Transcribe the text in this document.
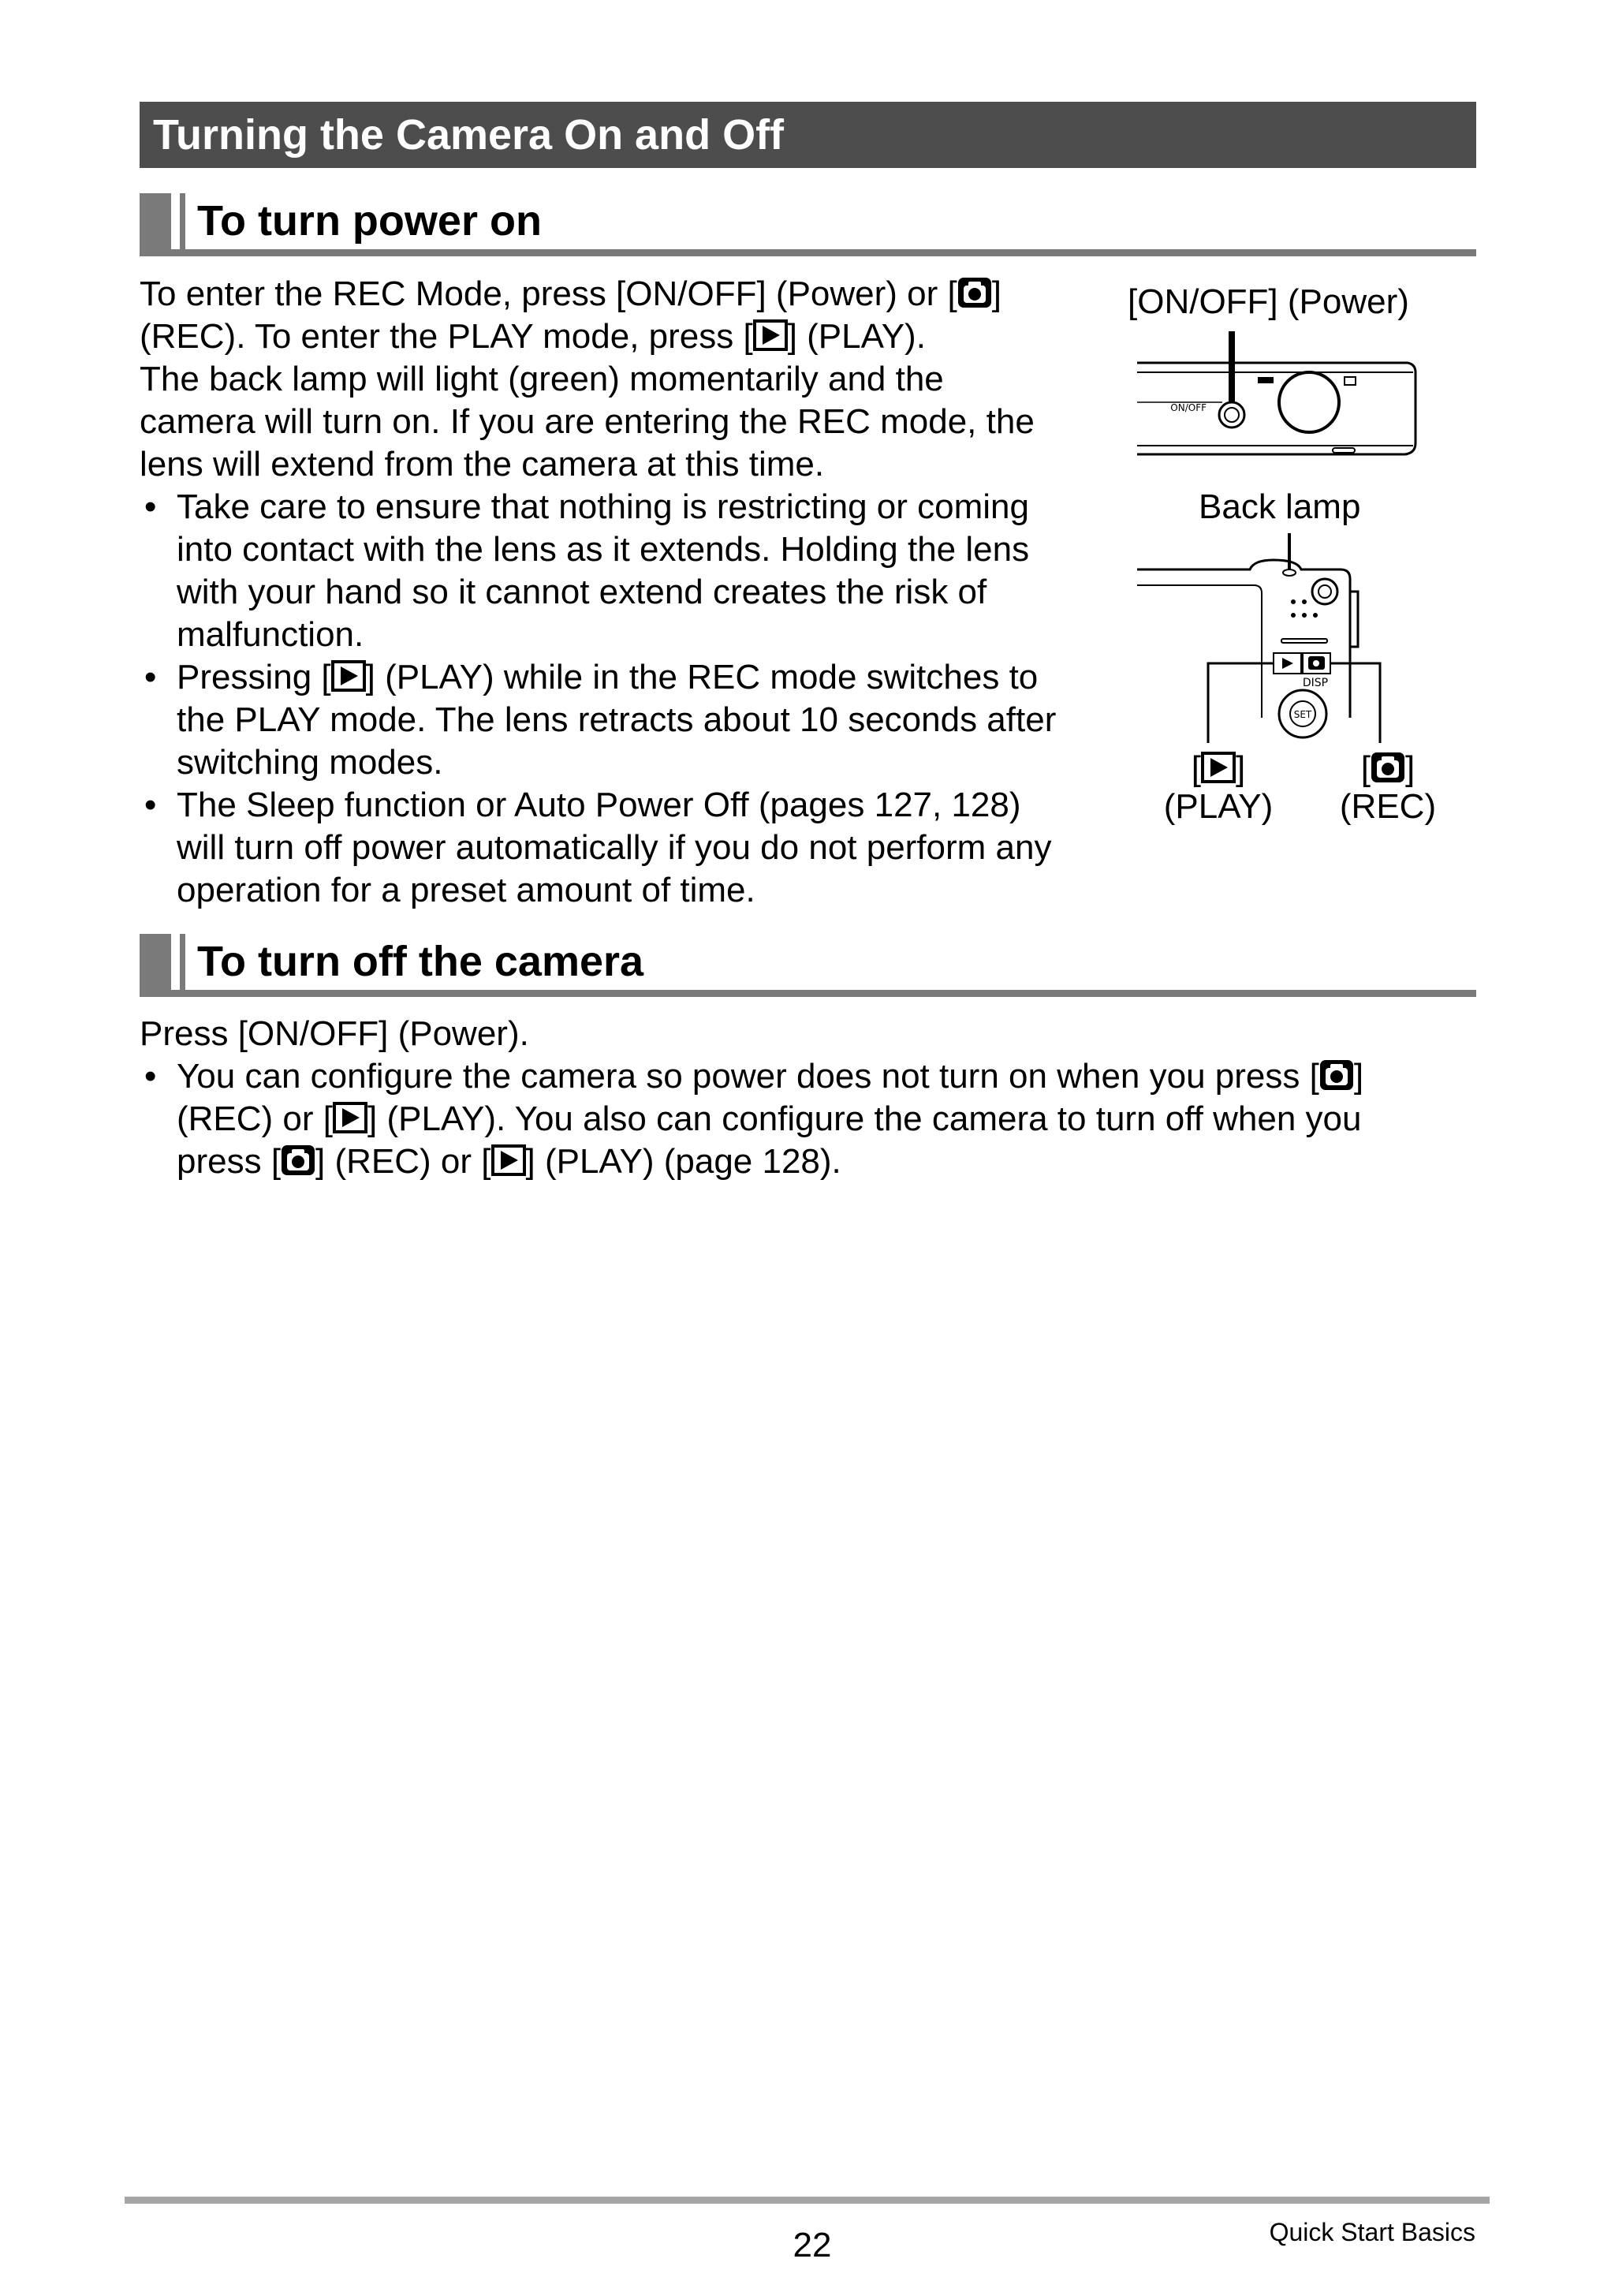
Turning the Camera On and Off
To turn power on
To enter the REC Mode, press [ON/OFF] (Power) or [ ]
(REC). To enter the PLAY mode, press [ ] (PLAY).
The back lamp will light (green) momentarily and the
camera will turn on. If you are entering the REC mode, the
lens will extend from the camera at this time.
• Take care to ensure that nothing is restricting or coming
into contact with the lens as it extends. Holding the lens
with your hand so it cannot extend creates the risk of
malfunction.
• Pressing [ ] (PLAY) while in the REC mode switches to
the PLAY mode. The lens retracts about 10 seconds after
switching modes.
• The Sleep function or Auto Power Off (pages 127, 128)
will turn off power automatically if you do not perform any
operation for a preset amount of time.
[ON/OFF] (Power)
ON/OFF
Back lamp
DISP
SET
[ ]
(PLAY)
[ ]
(REC)
To turn off the camera
Press [ON/OFF] (Power).
• You can configure the camera so power does not turn on when you press [ ]
(REC) or [ ] (PLAY). You also can configure the camera to turn off when you
press [ ] (REC) or [ ] (PLAY) (page 128).
22	Quick Start Basics
